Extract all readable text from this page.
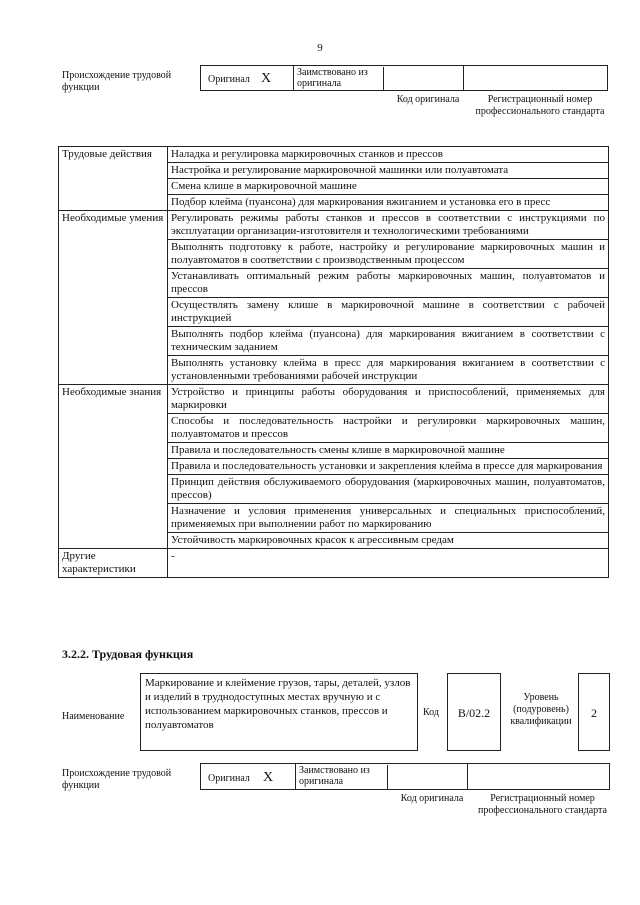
9
Происхождение трудовой функции
Оригинал X	Заимствовано из оригинала
Код оригинала	Регистрационный номер профессионального стандарта
Трудовые действия	Наладка и регулировка маркировочных станков и прессов
	Настройка и регулирование маркировочной машинки или полуавтомата
	Смена клише в маркировочной машине
	Подбор клейма (пуансона) для маркирования вжиганием и установка его в пресс
Необходимые умения	Регулировать режимы работы станков и прессов в соответствии с инструкциями по эксплуатации организации-изготовителя и технологическими требованиями
	Выполнять подготовку к работе, настройку и регулирование маркировочных машин и полуавтоматов в соответствии с производственным процессом
	Устанавливать оптимальный режим работы маркировочных машин, полуавтоматов и прессов
	Осуществлять замену клише в маркировочной машине в соответствии с рабочей инструкцией
	Выполнять подбор клейма (пуансона) для маркирования вжиганием в соответствии с техническим заданием
	Выполнять установку клейма в пресс для маркирования вжиганием в соответствии с установленными требованиями рабочей инструкции
Необходимые знания	Устройство и принципы работы оборудования и приспособлений, применяемых для маркировки
	Способы и последовательность настройки и регулировки маркировочных машин, полуавтоматов и прессов
	Правила и последовательность смены клише в маркировочной машине
	Правила и последовательность установки и закрепления клейма в прессе для маркирования
	Принцип действия обслуживаемого оборудования (маркировочных машин, полуавтоматов, прессов)
	Назначение и условия применения универсальных и специальных приспособлений, применяемых при выполнении работ по маркированию
	Устойчивость маркировочных красок к агрессивным средам
Другие характеристики	-
3.2.2. Трудовая функция
Наименование
Маркирование и клеймение грузов, тары, деталей, узлов и изделий в труднодоступных местах вручную и с использованием маркировочных станков, прессов и полуавтоматов
Код	B/02.2
Уровень (подуровень) квалификации
2
Происхождение трудовой функции
Оригинал X	Заимствовано из оригинала
Код оригинала	Регистрационный номер профессионального стандарта
